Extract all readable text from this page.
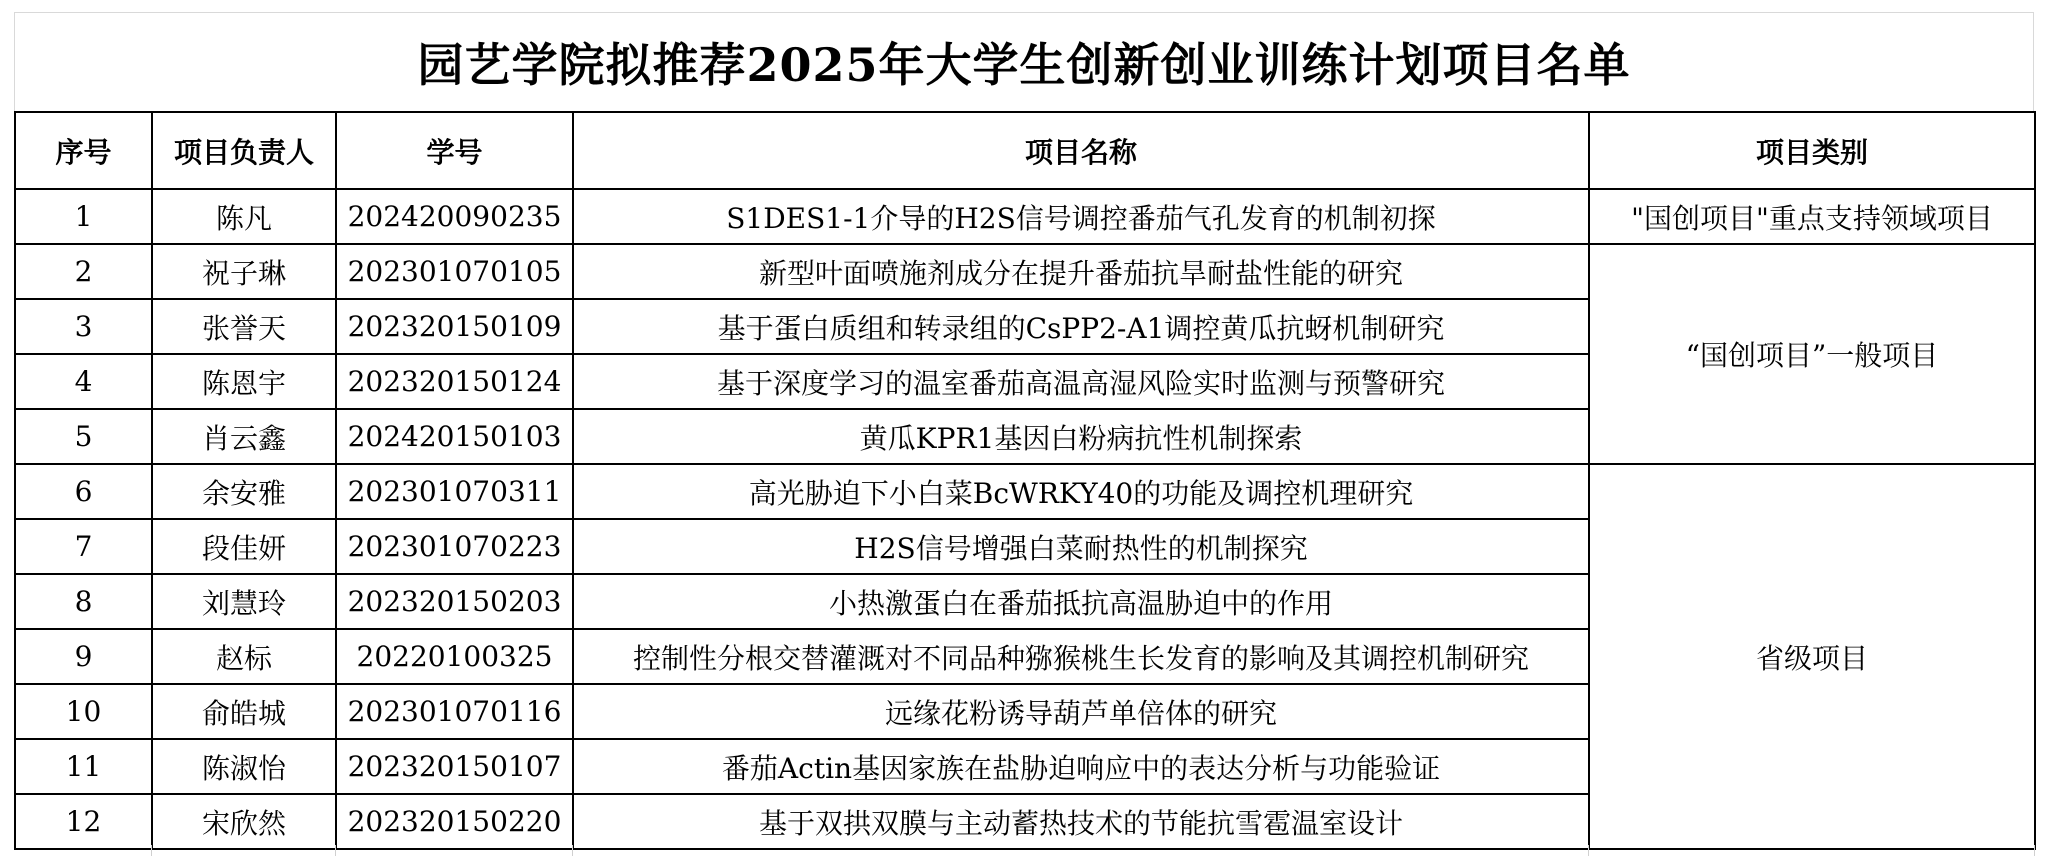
园艺学院拟推荐2025年大学生创新创业训练计划项目名单
序号	项目负责人	学号	项目名称	项目类别
1	陈凡	202420090235	S1DES1-1介导的H2S信号调控番茄气孔发育的机制初探	"国创项目"重点支持领域项目
2	祝子琳	202301070105	新型叶面喷施剂成分在提升番茄抗旱耐盐性能的研究	“国创项目”一般项目
3	张誉天	202320150109	基于蛋白质组和转录组的CsPP2-A1调控黄瓜抗蚜机制研究	
4	陈恩宇	202320150124	基于深度学习的温室番茄高温高湿风险实时监测与预警研究	
5	肖云鑫	202420150103	黄瓜KPR1基因白粉病抗性机制探索	
6	余安雅	202301070311	高光胁迫下小白菜BcWRKY40的功能及调控机理研究	省级项目
7	段佳妍	202301070223	H2S信号增强白菜耐热性的机制探究	
8	刘慧玲	202320150203	小热激蛋白在番茄抵抗高温胁迫中的作用	
9	赵标	20220100325	控制性分根交替灌溉对不同品种猕猴桃生长发育的影响及其调控机制研究	
10	俞皓城	202301070116	远缘花粉诱导葫芦单倍体的研究	
11	陈淑怡	202320150107	番茄Actin基因家族在盐胁迫响应中的表达分析与功能验证	
12	宋欣然	202320150220	基于双拱双膜与主动蓄热技术的节能抗雪雹温室设计	
